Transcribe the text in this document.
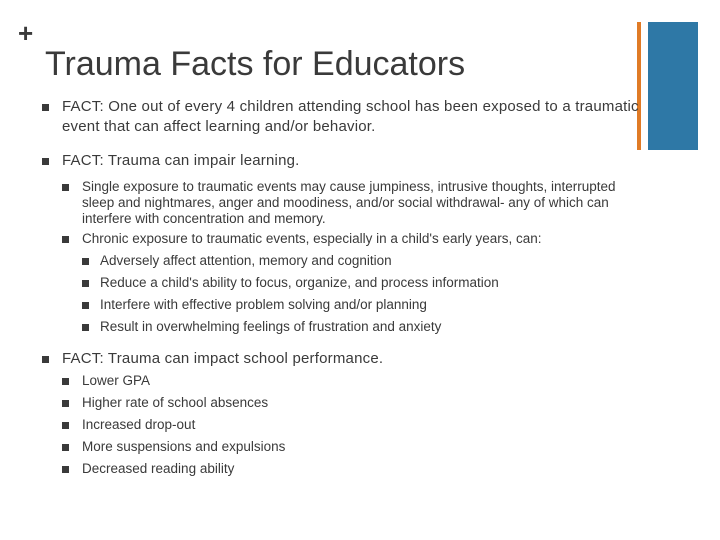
+
Trauma Facts for Educators
FACT: One out of every 4 children attending school has been exposed to a traumatic event that can affect learning and/or behavior.
FACT: Trauma can impair learning.
Single exposure to traumatic events may cause jumpiness, intrusive thoughts, interrupted sleep and nightmares, anger and moodiness, and/or social withdrawal- any of which can interfere with concentration and memory.
Chronic exposure to traumatic events, especially in a child's early years, can:
Adversely affect attention, memory and cognition
Reduce a child's ability to focus, organize, and process information
Interfere with effective problem solving and/or planning
Result in overwhelming feelings of frustration and anxiety
FACT: Trauma can impact school performance.
Lower GPA
Higher rate of school absences
Increased drop-out
More suspensions and expulsions
Decreased reading ability
